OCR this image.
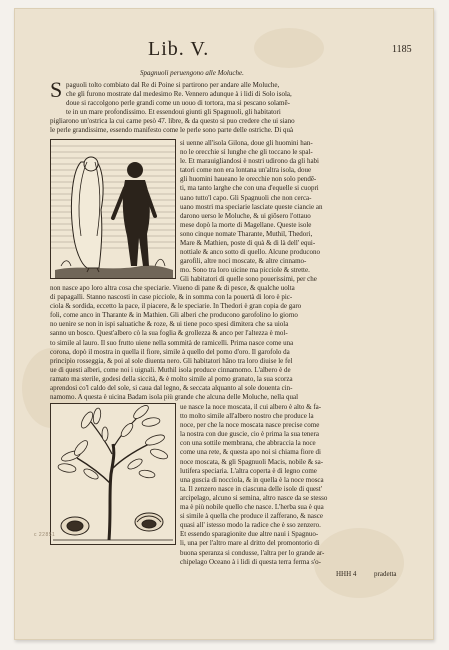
Lib. V.	1185
Spagnuoli peruengono alle Moluche.
S paguoli tolto combiato dal Re di Poine si partirono per andare alle Moluche,
che gli furono mostrate dal medesimo Re. Vennero adunque à i lidi di Solo isola,
doue si raccolgono perle grandi come un uouo di tortora, ma si pescano solamē-
te in un mare profondissimo. Et essendoui giunti gli Spagnuoli, gli habitatori
pigliarono un'ostrica la cui carne pesò 47. libre, & da questo si puo credere che ui siano
le perle grandissime, essendo manifesto come le perle sono parte delle ostriche. Di quà
si uenne all'isola Gilona, doue gli huomini han-
no le orecchie sì lunghe che gli toccano le spal-
le. Et marauigliandosi è nostri udirono da gli habi
tatori come non era lontana un'altra isola, doue
gli huomini haueano le orecchie non solo pendē-
ti, ma tanto larghe che con una d'equelle si cuopri
uano tutto'l capo. Gli Spagnuoli che non cerca-
uano mostri ma speciarie lasciate queste ciancie an
darono uerso le Moluche, & ui giōsero l'ottauo
mese dopò la morte di Magellane. Queste isole
sono cinque nomate Tharante, Muthil, Thedori,
Mare & Mathien, poste di quà & di là dell' equi-
nottiale & anco sotto di quello. Alcune producono
garofili, altre noci moscate, & altre cinnamo-
mo. Sono tra loro uicine ma picciole & strette.
Gli habitatori di quelle sono pouerissimi, per che
non nasce apo loro altra cosa che speciarie. Viueno di pane & di pesce, & qualche uolta
di papagalli. Stanno nascosti in case picciole, & in somma con la pouertà di loro è pic-
ciola & sordida, eccetto la pace, il piacere, & le speciarie. In Thedori è gran copia de garo
foli, come anco in Tharante & in Mathien. Gli alberi che producono garofolino lo giorno
no uenire se non in ispi saluatiche & roze, & ui tiene poco spesi dimitera che sa uiola
sanno un bosco. Quest'albero cò la sua foglia & grollezza & anco per l'altezza è mol-
to simile al lauro. Il suo frutto uiene nella sommità de ramicelli. Prima nasce come una
corona, dopò il mostra in quella il fiore, simile à quello del pomo d'oro. Il garofolo da
principio rosseggia, & poi al sole diuenta nero. Gli habitatori hāno tra loro diuise le fel
ue di questi alberi, come noi i uignali. Muthil isola produce cinnamomo. L'albero è de
ramato ma sterile, godesi della siccità, & è molto simile al pomo granato, la sua scorza
aprendosi co'l caldo del sole, si caua dal legno, & seccata alquanto al sole douenta cin-
namomo. A questa è uicina Badam isola più grande che alcuna delle Moluche, nella qual
ue nasce la noce moscata, il cui albero è alto & fa-
tto molto simile all'albero nostro che produce la
noce, per che la noce moscata nasce precise come
la nostra con due guscie, cio è prima la sua tenera
con una sottile membrana, che abbraccia la noce
come una rete, & questa apo noi si chiama fiore di
noce moscata, & gli Spagnuoli Macis, nobile & sa-
lutifera speciaria. L'altra coperta è di legno come
una guscia di nocciola, & in quella è la noce mosca
ta. Il zenzero nasce in ciascuna delle isole di quest'
arcipelago, alcuno si semina, altro nasce da se stesso
ma è più nobile quello che nasce. L'herba sua è qua
si simile à quella che produce il zafferano, & nasce
quasi all' istesso modo la radice che è sso zenzero.
Et essendo sparagionite due altre naui i Spagnuo-
li, una per l'altro mare al dritto del promontorio di
buona speranza si condusse, l'altra per lo grande ar-
chipelago Oceano à i lidi di questa terra ferma s'o-
c 22851
HHH 4	pradetta
